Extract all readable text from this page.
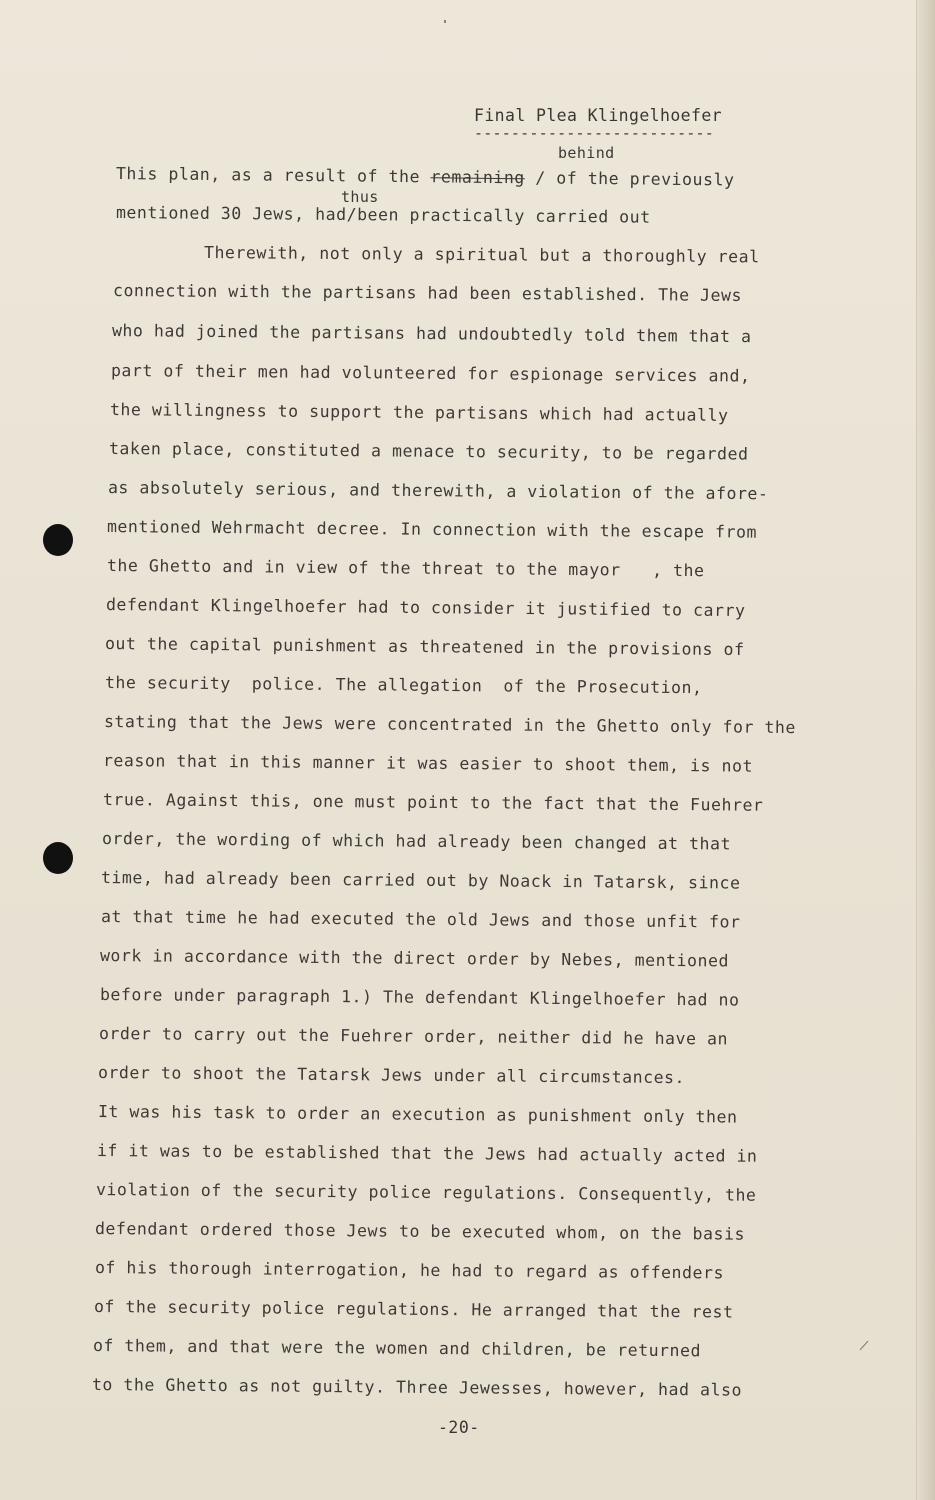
Final Plea Klingelhoefer
--------------------------
behind
This plan, as a result of the remaining / of the previously
thus
mentioned 30 Jews, had/been practically carried out
Therewith, not only a spiritual but a thoroughly real
connection with the partisans had been established. The Jews
who had joined the partisans had undoubtedly told them that a
part of their men had volunteered for espionage services and,
the willingness to support the partisans which had actually
taken place, constituted a menace to security, to be regarded
as absolutely serious, and therewith, a violation of the afore-
mentioned Wehrmacht decree. In connection with the escape from
the Ghetto and in view of the threat to the mayor   , the
defendant Klingelhoefer had to consider it justified to carry
out the capital punishment as threatened in the provisions of
the security  police. The allegation  of the Prosecution,
stating that the Jews were concentrated in the Ghetto only for the
reason that in this manner it was easier to shoot them, is not
true. Against this, one must point to the fact that the Fuehrer
order, the wording of which had already been changed at that
time, had already been carried out by Noack in Tatarsk, since
at that time he had executed the old Jews and those unfit for
work in accordance with the direct order by Nebes, mentioned
before under paragraph 1.) The defendant Klingelhoefer had no
order to carry out the Fuehrer order, neither did he have an
order to shoot the Tatarsk Jews under all circumstances.
It was his task to order an execution as punishment only then
if it was to be established that the Jews had actually acted in
violation of the security police regulations. Consequently, the
defendant ordered those Jews to be executed whom, on the basis
of his thorough interrogation, he had to regard as offenders
of the security police regulations. He arranged that the rest
of them, and that were the women and children, be returned
to the Ghetto as not guilty. Three Jewesses, however, had also
-20-
